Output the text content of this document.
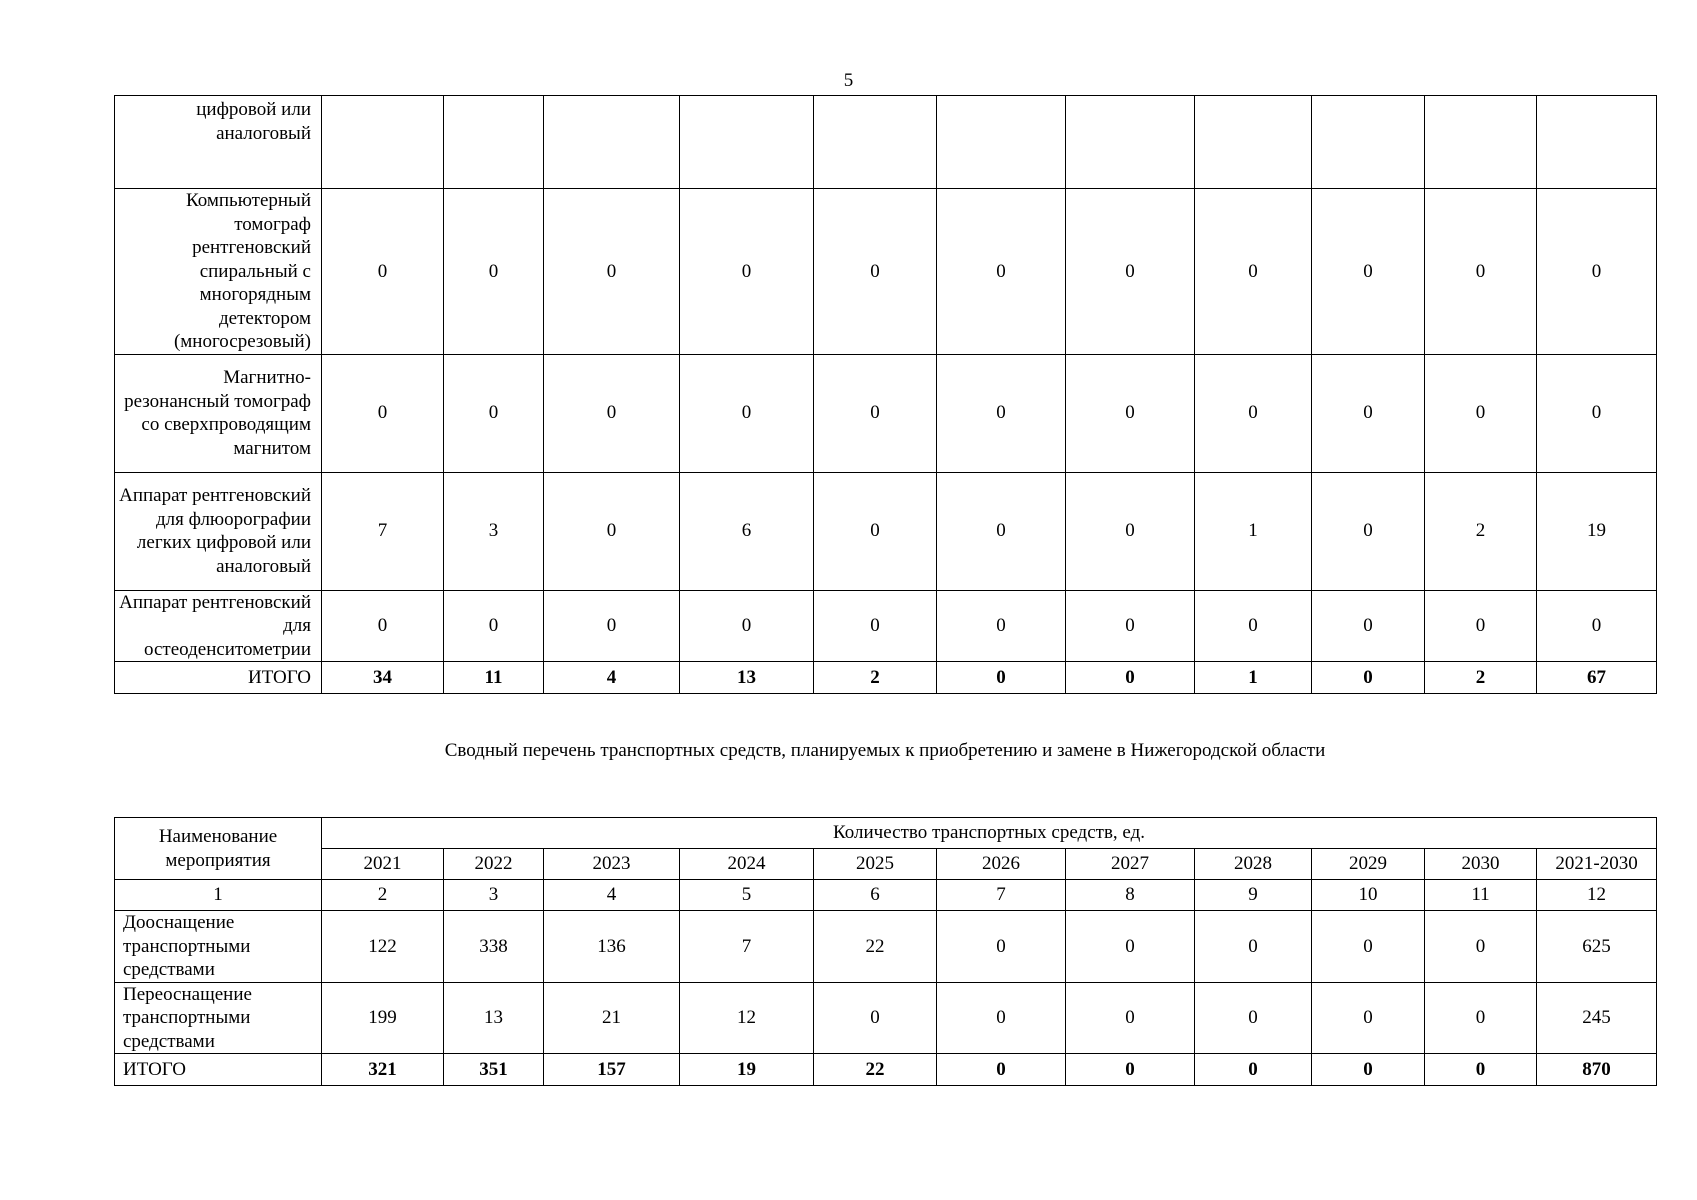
5
цифровой или аналоговый											
Компьютерный томограф рентгеновский спиральный с многорядным детектором (многосрезовый)	0	0	0	0	0	0	0	0	0	0	0
Магнитно-резонансный томограф со сверхпроводящим магнитом	0	0	0	0	0	0	0	0	0	0	0
Аппарат рентгеновский для флюорографии легких цифровой или аналоговый	7	3	0	6	0	0	0	1	0	2	19
Аппарат рентгеновский для остеоденситометрии	0	0	0	0	0	0	0	0	0	0	0
ИТОГО	34	11	4	13	2	0	0	1	0	2	67
Сводный перечень транспортных средств, планируемых к приобретению и замене в Нижегородской области
Наименование мероприятия	Количество транспортных средств, ед.										
	2021	2022	2023	2024	2025	2026	2027	2028	2029	2030	2021-2030
1	2	3	4	5	6	7	8	9	10	11	12
Дооснащение транспортными средствами	122	338	136	7	22	0	0	0	0	0	625
Переоснащение транспортными средствами	199	13	21	12	0	0	0	0	0	0	245
ИТОГО	321	351	157	19	22	0	0	0	0	0	870
